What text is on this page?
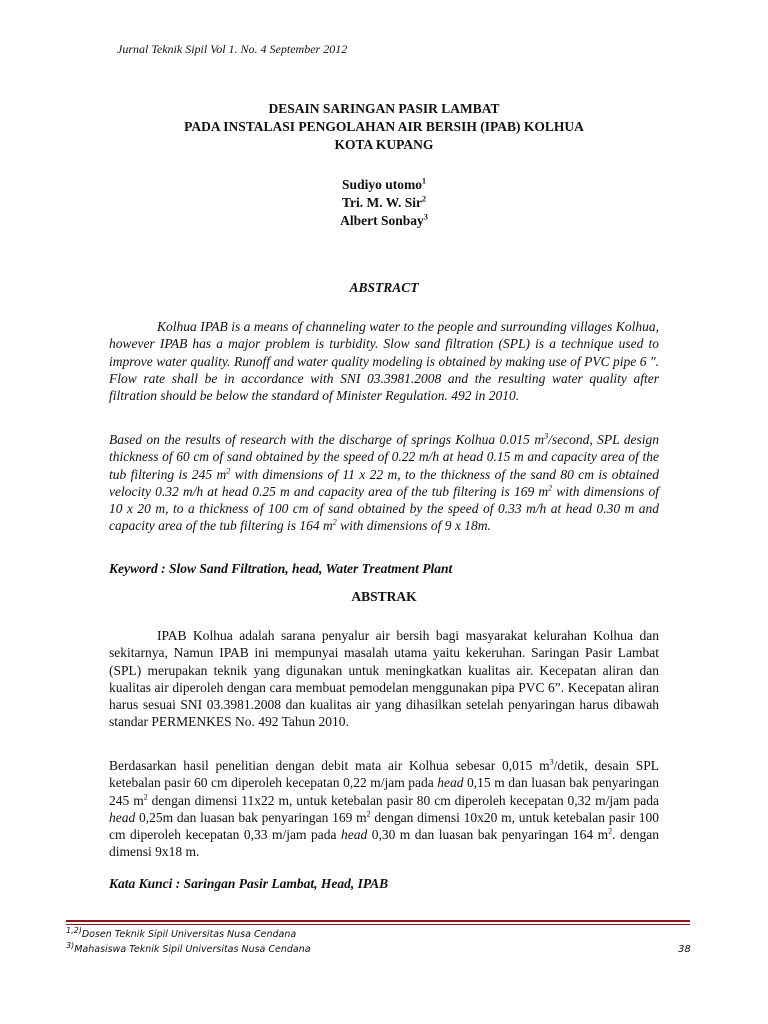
Jurnal Teknik Sipil Vol 1. No. 4 September 2012
DESAIN SARINGAN PASIR LAMBAT
PADA INSTALASI PENGOLAHAN AIR BERSIH (IPAB) KOLHUA
KOTA KUPANG
Sudiyo utomo$^1$
Tri. M. W. Sir$^2$
Albert Sonbay$^3$
ABSTRACT

Kolhua IPAB is a means of channeling water to the people and surrounding villages Kolhua, however IPAB has a major problem is turbidity. Slow sand filtration (SPL) is a technique used to improve water quality. Runoff and water quality modeling is obtained by making use of PVC pipe 6 ". Flow rate shall be in accordance with SNI 03.3981.2008 and the resulting water quality after filtration should be below the standard of Minister Regulation. 492 in 2010.

Based on the results of research with the discharge of springs Kolhua 0.015 $m^3$/second, SPL design thickness of 60 cm of sand obtained by the speed of 0.22 m/h at head 0.15 m and capacity area of the tub filtering is 245 $m^2$ with dimensions of 11 x 22 m, to the thickness of the sand 80 cm is obtained velocity 0.32 m/h at head 0.25 m and capacity area of the tub filtering is 169 $m^2$ with dimensions of 10 x 20 m, to a thickness of 100 cm of sand obtained by the speed of 0.33 m/h at head 0.30 m and capacity area of the tub filtering is 164 $m^2$ with dimensions of 9 x 18m.

Keyword : Slow Sand Filtration, head, Water Treatment Plant

ABSTRAK

IPAB Kolhua adalah sarana penyalur air bersih bagi masyarakat kelurahan Kolhua dan sekitarnya, Namun IPAB ini mempunyai masalah utama yaitu kekeruhan. Saringan Pasir Lambat (SPL) merupakan teknik yang digunakan untuk meningkatkan kualitas air. Kecepatan aliran dan kualitas air diperoleh dengan cara membuat pemodelan menggunakan pipa PVC 6”. Kecepatan aliran harus sesuai SNI 03.3981.2008 dan kualitas air yang dihasilkan setelah penyaringan harus dibawah standar PERMENKES No. 492 Tahun 2010.

Berdasarkan hasil penelitian dengan debit mata air Kolhua sebesar 0,015 $m^3$/detik, desain SPL ketebalan pasir 60 cm diperoleh kecepatan 0,22 m/jam pada head 0,15 m dan luasan bak penyaringan 245 $m^2$ dengan dimensi 11x22 m, untuk ketebalan pasir 80 cm diperoleh kecepatan 0,32 m/jam pada head 0,25m dan luasan bak penyaringan 169 $m^2$ dengan dimensi 10x20 m, untuk ketebalan pasir 100 cm diperoleh kecepatan 0,33 m/jam pada head 0,30 m dan luasan bak penyaringan 164 $m^2$. dengan dimensi 9x18 m.

Kata Kunci : Saringan Pasir Lambat, Head, IPAB

$^{1,2)}$Dosen Teknik Sipil Universitas Nusa Cendana
$^{3)}$Mahasiswa Teknik Sipil Universitas Nusa Cendana	38
